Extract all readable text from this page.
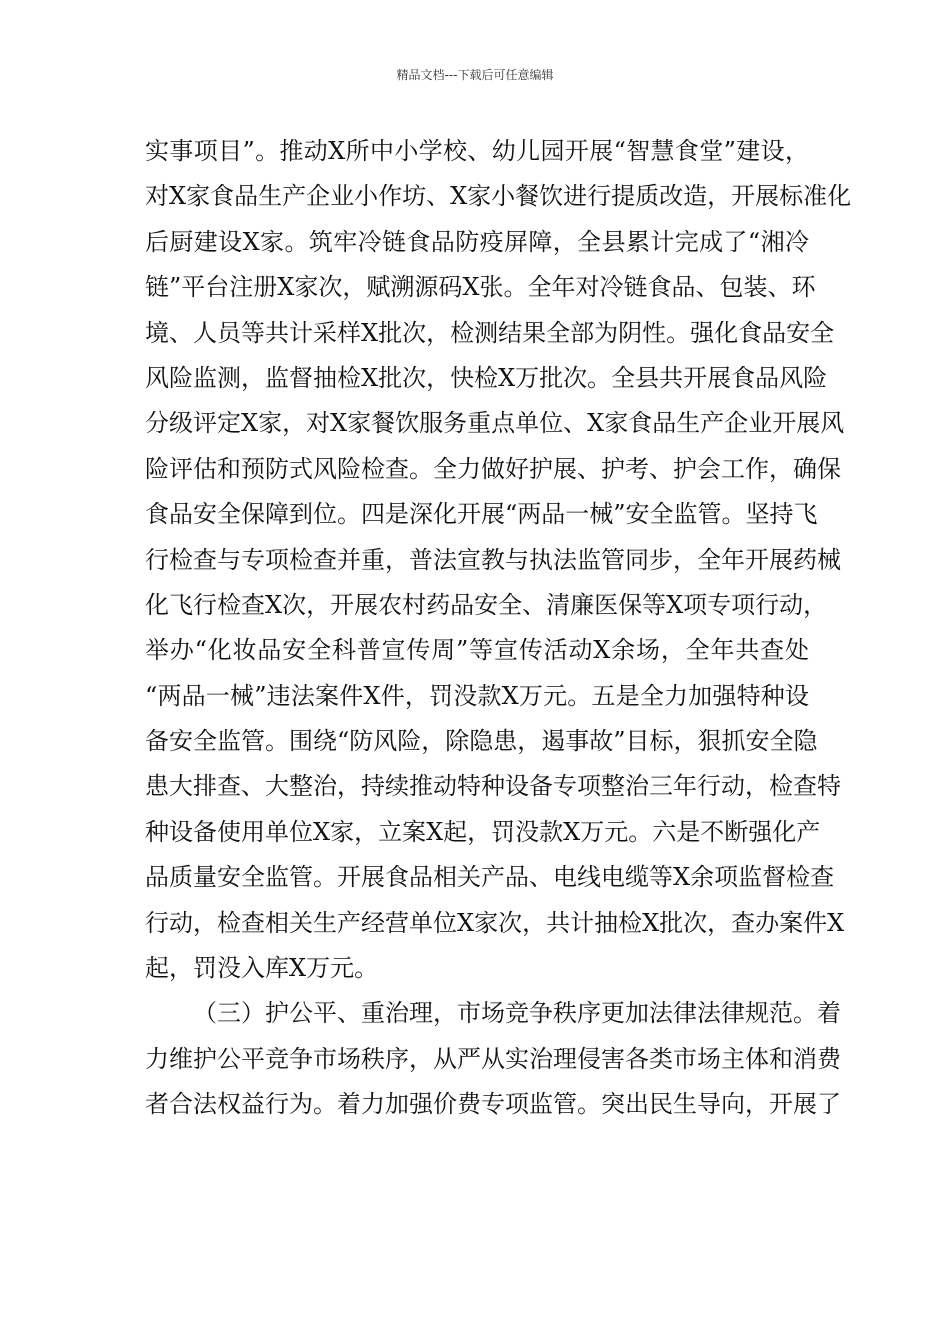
精品文档---下载后可任意编辑
实事项目”。推动X所中小学校、幼儿园开展“智慧食堂”建设，
对X家食品生产企业小作坊、X家小餐饮进行提质改造，开展标准化
后厨建设X家。筑牢冷链食品防疫屏障，全县累计完成了“湘冷
链”平台注册X家次，赋溯源码X张。全年对冷链食品、包装、环
境、人员等共计采样X批次，检测结果全部为阴性。强化食品安全
风险监测，监督抽检X批次，快检X万批次。全县共开展食品风险
分级评定X家，对X家餐饮服务重点单位、X家食品生产企业开展风
险评估和预防式风险检查。全力做好护展、护考、护会工作，确保
食品安全保障到位。四是深化开展“两品一械”安全监管。坚持飞
行检查与专项检查并重，普法宣教与执法监管同步，全年开展药械
化飞行检查X次，开展农村药品安全、清廉医保等X项专项行动，
举办“化妆品安全科普宣传周”等宣传活动X余场，全年共查处
“两品一械”违法案件X件，罚没款X万元。五是全力加强特种设
备安全监管。围绕“防风险，除隐患，遏事故”目标，狠抓安全隐
患大排查、大整治，持续推动特种设备专项整治三年行动，检查特
种设备使用单位X家，立案X起，罚没款X万元。六是不断强化产
品质量安全监管。开展食品相关产品、电线电缆等X余项监督检查
行动，检查相关生产经营单位X家次，共计抽检X批次，查办案件X
起，罚没入库X万元。
（三）护公平、重治理，市场竞争秩序更加法律法律规范。着
力维护公平竞争市场秩序，从严从实治理侵害各类市场主体和消费
者合法权益行为。着力加强价费专项监管。突出民生导向，开展了
